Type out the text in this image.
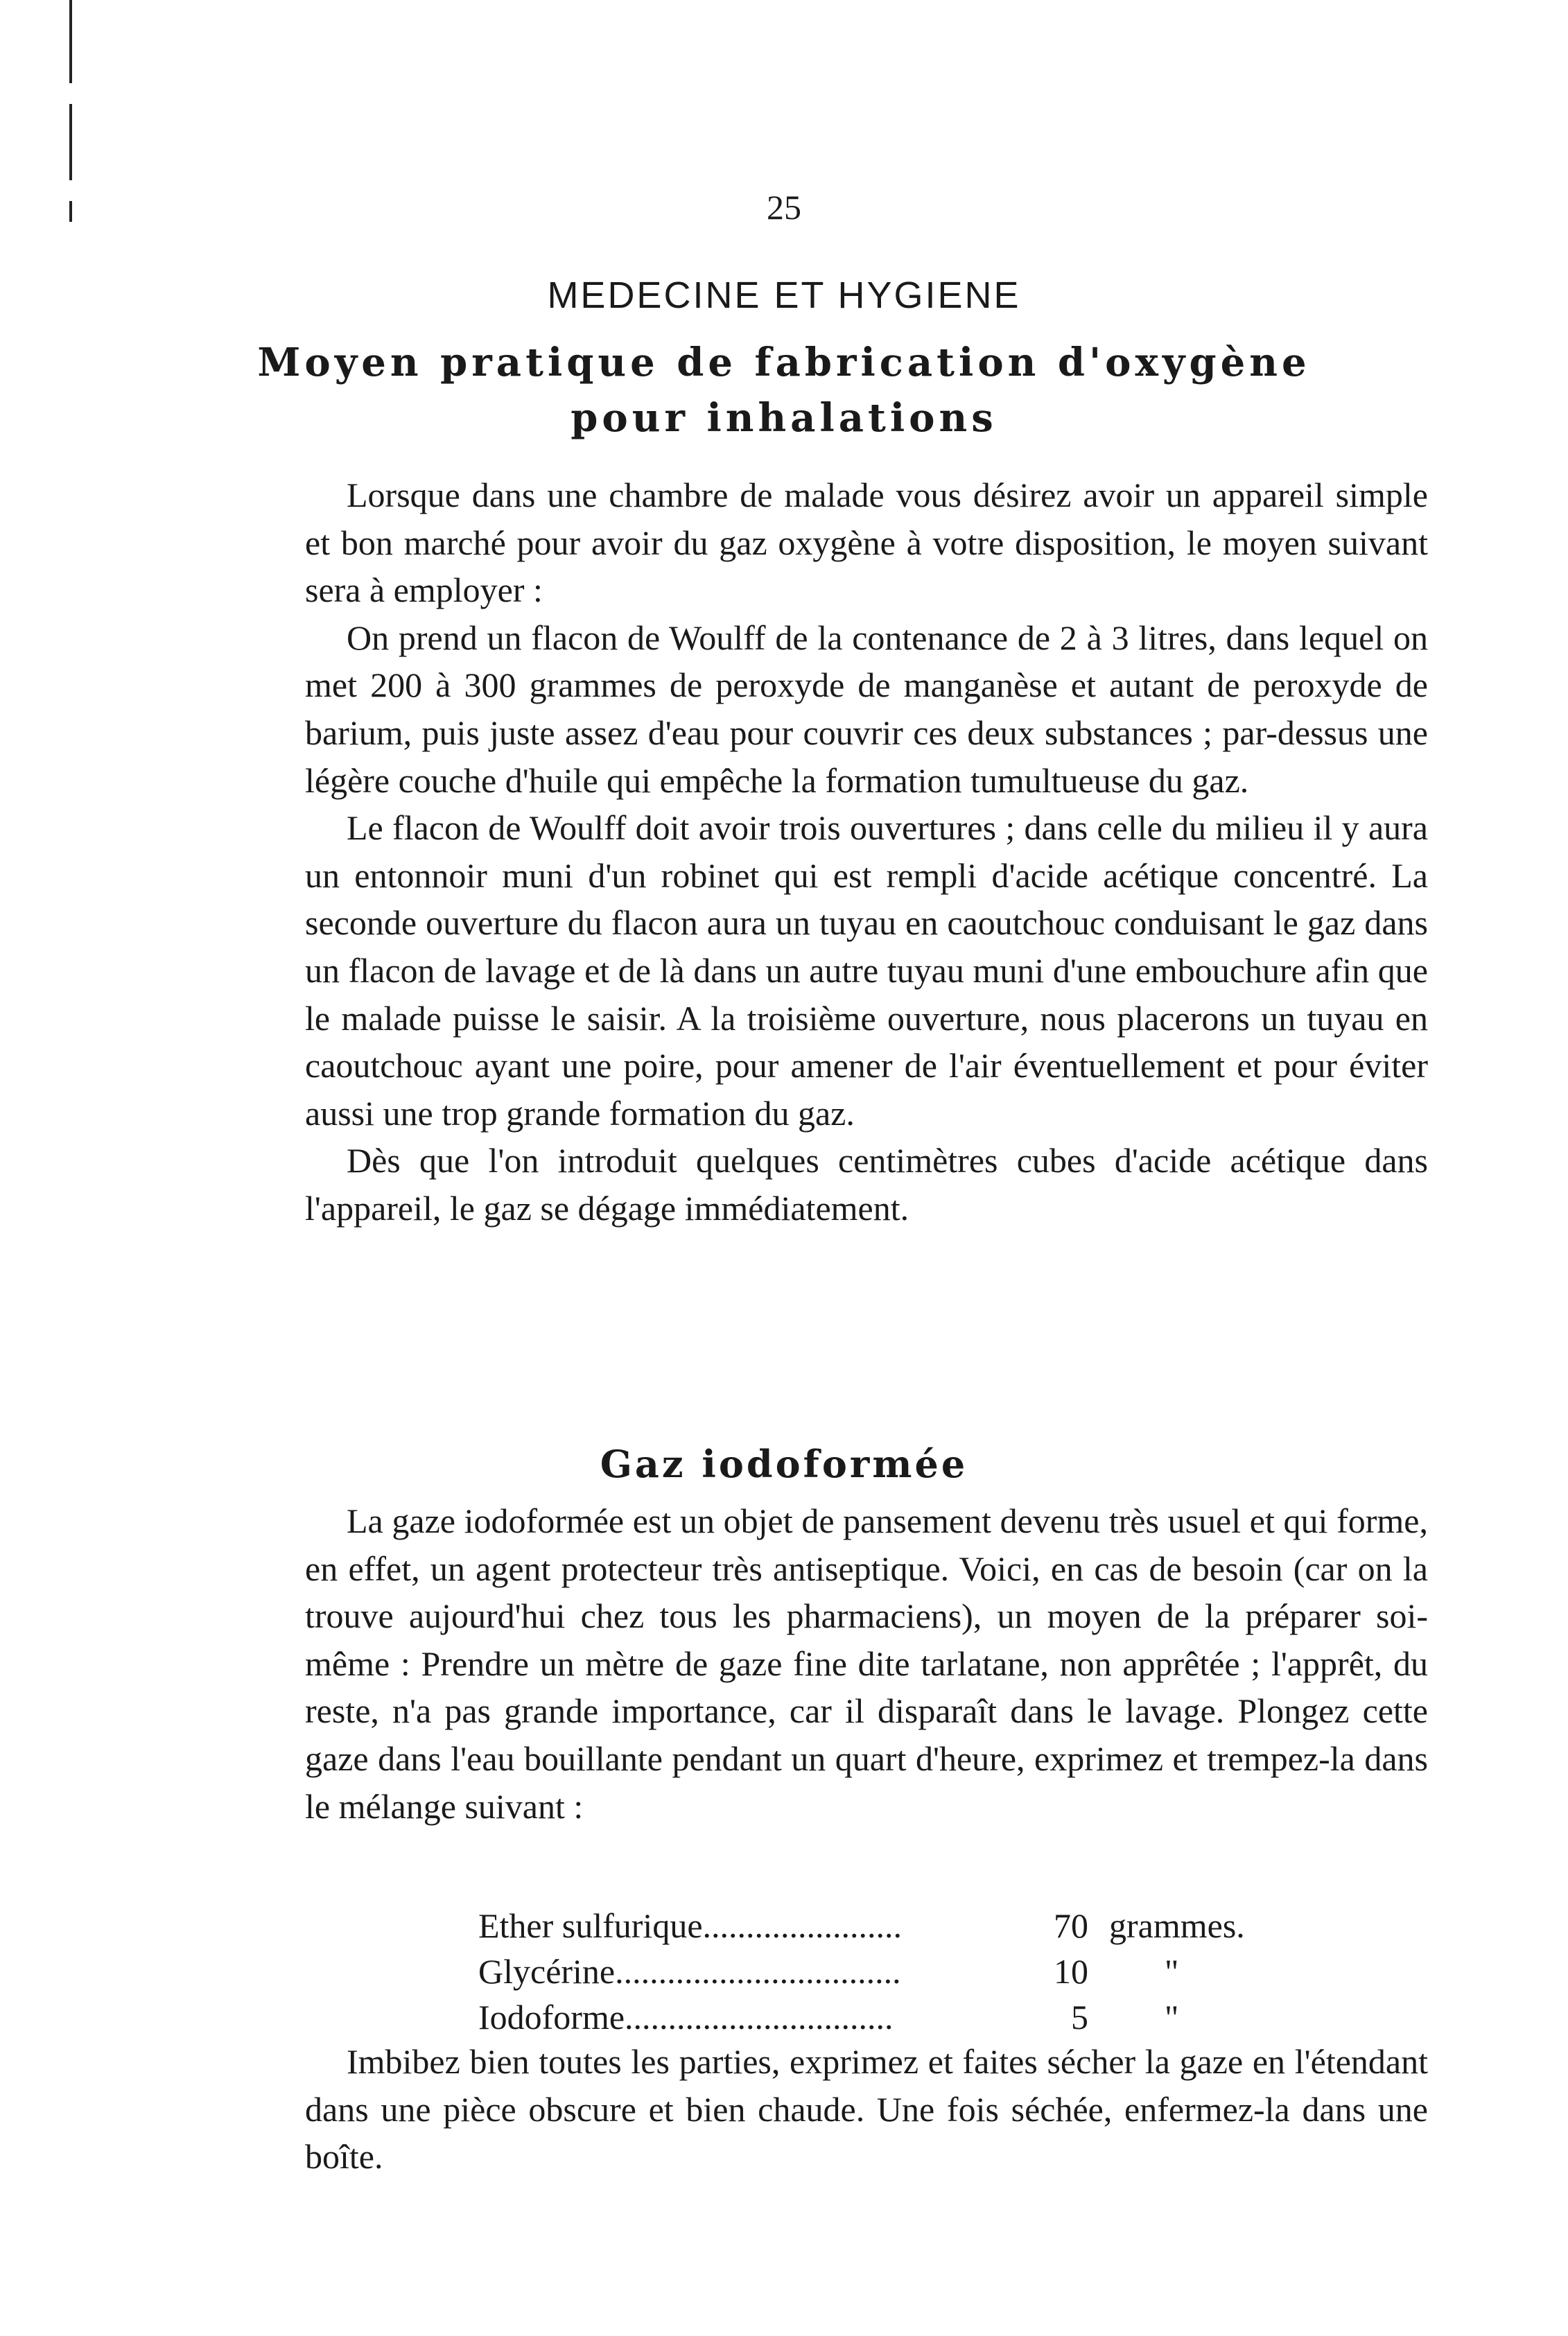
25
MEDECINE ET HYGIENE
Moyen pratique de fabrication d'oxygène
pour inhalations

Lorsque dans une chambre de malade vous désirez avoir un appareil simple et bon marché pour avoir du gaz oxygène à votre disposition, le moyen suivant sera à employer :

On prend un flacon de Woulff de la contenance de 2 à 3 litres, dans lequel on met 200 à 300 grammes de peroxyde de manganèse et autant de peroxyde de barium, puis juste assez d'eau pour couvrir ces deux substances ; par-dessus une légère couche d'huile qui empêche la formation tumultueuse du gaz.

Le flacon de Woulff doit avoir trois ouvertures ; dans celle du milieu il y aura un entonnoir muni d'un robinet qui est rempli d'acide acétique concentré. La seconde ouverture du flacon aura un tuyau en caoutchouc conduisant le gaz dans un flacon de lavage et de là dans un autre tuyau muni d'une embouchure afin que le malade puisse le saisir. A la troisième ouverture, nous placerons un tuyau en caoutchouc ayant une poire, pour amener de l'air éventuellement et pour éviter aussi une trop grande formation du gaz.

Dès que l'on introduit quelques centimètres cubes d'acide acétique dans l'appareil, le gaz se dégage immédiatement.

Gaz iodoformée

La gaze iodoformée est un objet de pansement devenu très usuel et qui forme, en effet, un agent protecteur très antiseptique. Voici, en cas de besoin (car on la trouve aujourd'hui chez tous les pharmaciens), un moyen de la préparer soi-même : Prendre un mètre de gaze fine dite tarlatane, non apprêtée ; l'apprêt, du reste, n'a pas grande importance, car il disparaît dans le lavage. Plongez cette gaze dans l'eau bouillante pendant un quart d'heure, exprimez et trempez-la dans le mélange suivant :

Ether sulfurique.......................	70 grammes.
Glycérine.................................	10	"
Iodoforme...............................	5	"

Imbibez bien toutes les parties, exprimez et faites sécher la gaze en l'étendant dans une pièce obscure et bien chaude. Une fois séchée, enfermez-la dans une boîte.
